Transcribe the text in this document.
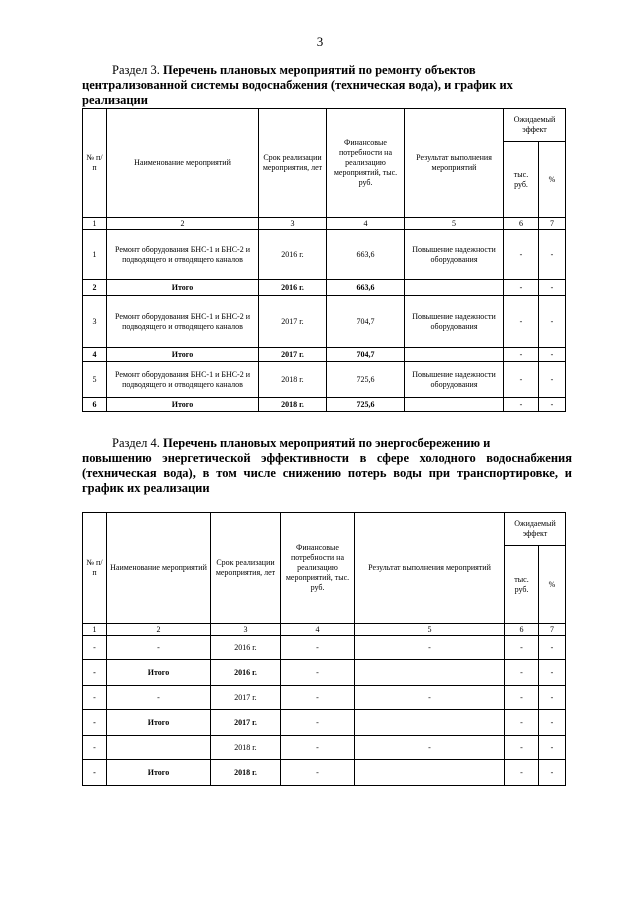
3
Раздел 3. Перечень плановых мероприятий по ремонту объектов централизованной системы водоснабжения (техническая вода), и график их реализации
№ п/п	Наименование мероприятий	Срок реализации мероприятия, лет	Финансовые потребности на реализацию мероприятий, тыс. руб.	Результат выполнения мероприятий	Ожидаемый эффект	
					тыс. руб.	%
1	2	3	4	5	6	7
1	Ремонт оборудования БНС-1 и БНС-2 и подводящего и отводящего каналов	2016 г.	663,6	Повышение надежности оборудования	-	-
2	Итого	2016 г.	663,6		-	-
3	Ремонт оборудования БНС-1 и БНС-2 и подводящего и отводящего каналов	2017 г.	704,7	Повышение надежности оборудования	-	-
4	Итого	2017 г.	704,7		-	-
5	Ремонт оборудования БНС-1 и БНС-2 и подводящего и отводящего каналов	2018 г.	725,6	Повышение надежности оборудования	-	-
6	Итого	2018 г.	725,6		-	-
Раздел 4. Перечень плановых мероприятий по энергосбережению и
повышению энергетической эффективности в сфере холодного водоснабжения (техническая вода), в том числе снижению потерь воды при транспортировке, и график их реализации
№ п/п	Наименование мероприятий	Срок реализации мероприятия, лет	Финансовые потребности на реализацию мероприятий, тыс. руб.	Результат выполнения мероприятий	Ожидаемый эффект	
					тыс. руб.	%
1	2	3	4	5	6	7
-	-	2016 г.	-	-	-	-
-	Итого	2016 г.	-		-	-
-	-	2017 г.	-	-	-	-
-	Итого	2017 г.	-		-	-
-		2018 г.	-	-	-	-
-	Итого	2018 г.	-		-	-
